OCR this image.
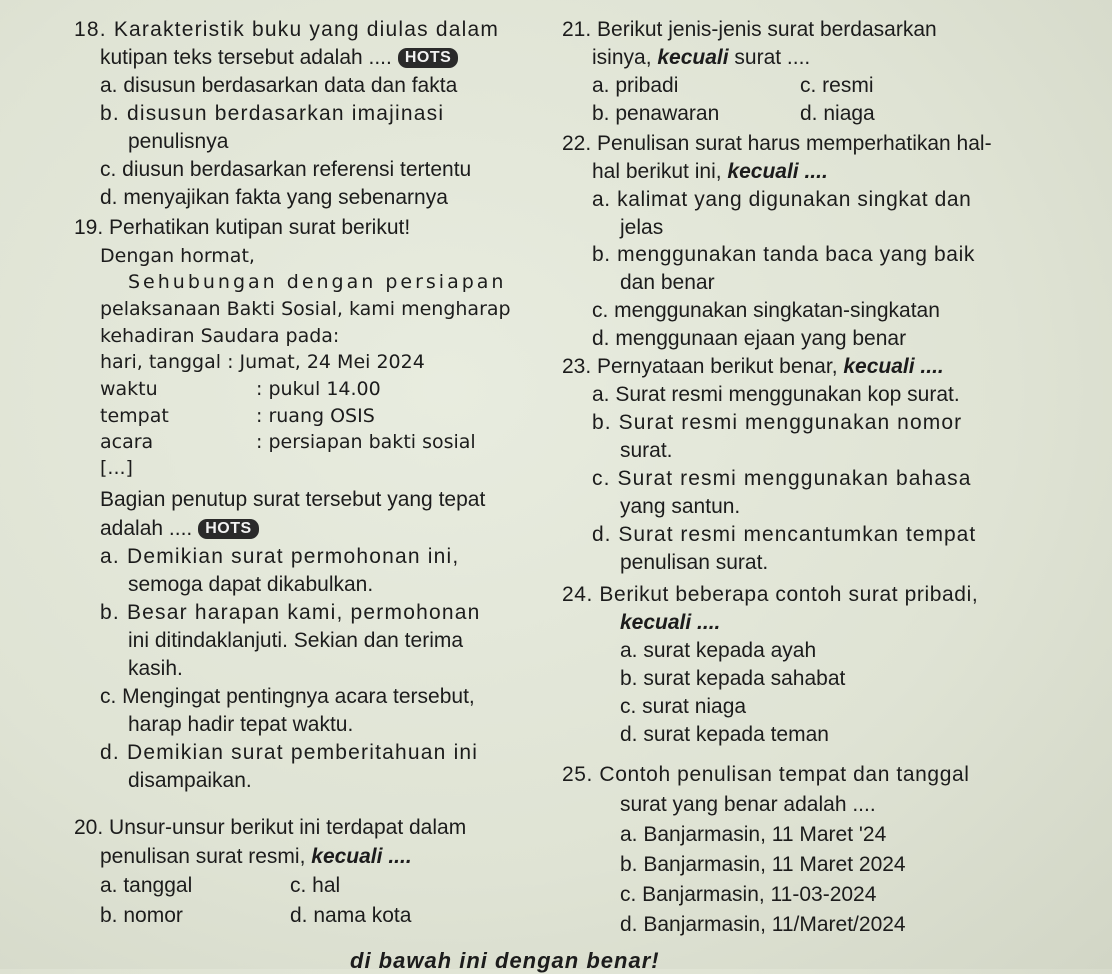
18. Karakteristik buku yang diulas dalam
kutipan teks tersebut adalah .... HOTS
a. disusun berdasarkan data dan fakta
b. disusun berdasarkan imajinasi
penulisnya
c. diusun berdasarkan referensi tertentu
d. menyajikan fakta yang sebenarnya
19. Perhatikan kutipan surat berikut!
Dengan hormat,
Sehubungan dengan persiapan
pelaksanaan Bakti Sosial, kami mengharap
kehadiran Saudara pada:
hari, tanggal : Jumat, 24 Mei 2024
waktu	: pukul 14.00
tempat	: ruang OSIS
acara	: persiapan bakti sosial
[...]
Bagian penutup surat tersebut yang tepat
adalah .... HOTS
a. Demikian surat permohonan ini,
semoga dapat dikabulkan.
b. Besar harapan kami, permohonan
ini ditindaklanjuti. Sekian dan terima
kasih.
c. Mengingat pentingnya acara tersebut,
harap hadir tepat waktu.
d. Demikian surat pemberitahuan ini
disampaikan.
20. Unsur-unsur berikut ini terdapat dalam
penulisan surat resmi, kecuali ....
a. tanggal	c. hal
b. nomor	d. nama kota
21. Berikut jenis-jenis surat berdasarkan
isinya, kecuali surat ....
a. pribadi	c. resmi
b. penawaran	d. niaga
22. Penulisan surat harus memperhatikan hal-
hal berikut ini, kecuali ....
a. kalimat yang digunakan singkat dan
jelas
b. menggunakan tanda baca yang baik
dan benar
c. menggunakan singkatan-singkatan
d. menggunaan ejaan yang benar
23. Pernyataan berikut benar, kecuali ....
a. Surat resmi menggunakan kop surat.
b. Surat resmi menggunakan nomor
surat.
c. Surat resmi menggunakan bahasa
yang santun.
d. Surat resmi mencantumkan tempat
penulisan surat.
24. Berikut beberapa contoh surat pribadi,
kecuali ....
a. surat kepada ayah
b. surat kepada sahabat
c. surat niaga
d. surat kepada teman
25. Contoh penulisan tempat dan tanggal
surat yang benar adalah ....
a. Banjarmasin, 11 Maret '24
b. Banjarmasin, 11 Maret 2024
c. Banjarmasin, 11-03-2024
d. Banjarmasin, 11/Maret/2024
di bawah ini dengan benar!
